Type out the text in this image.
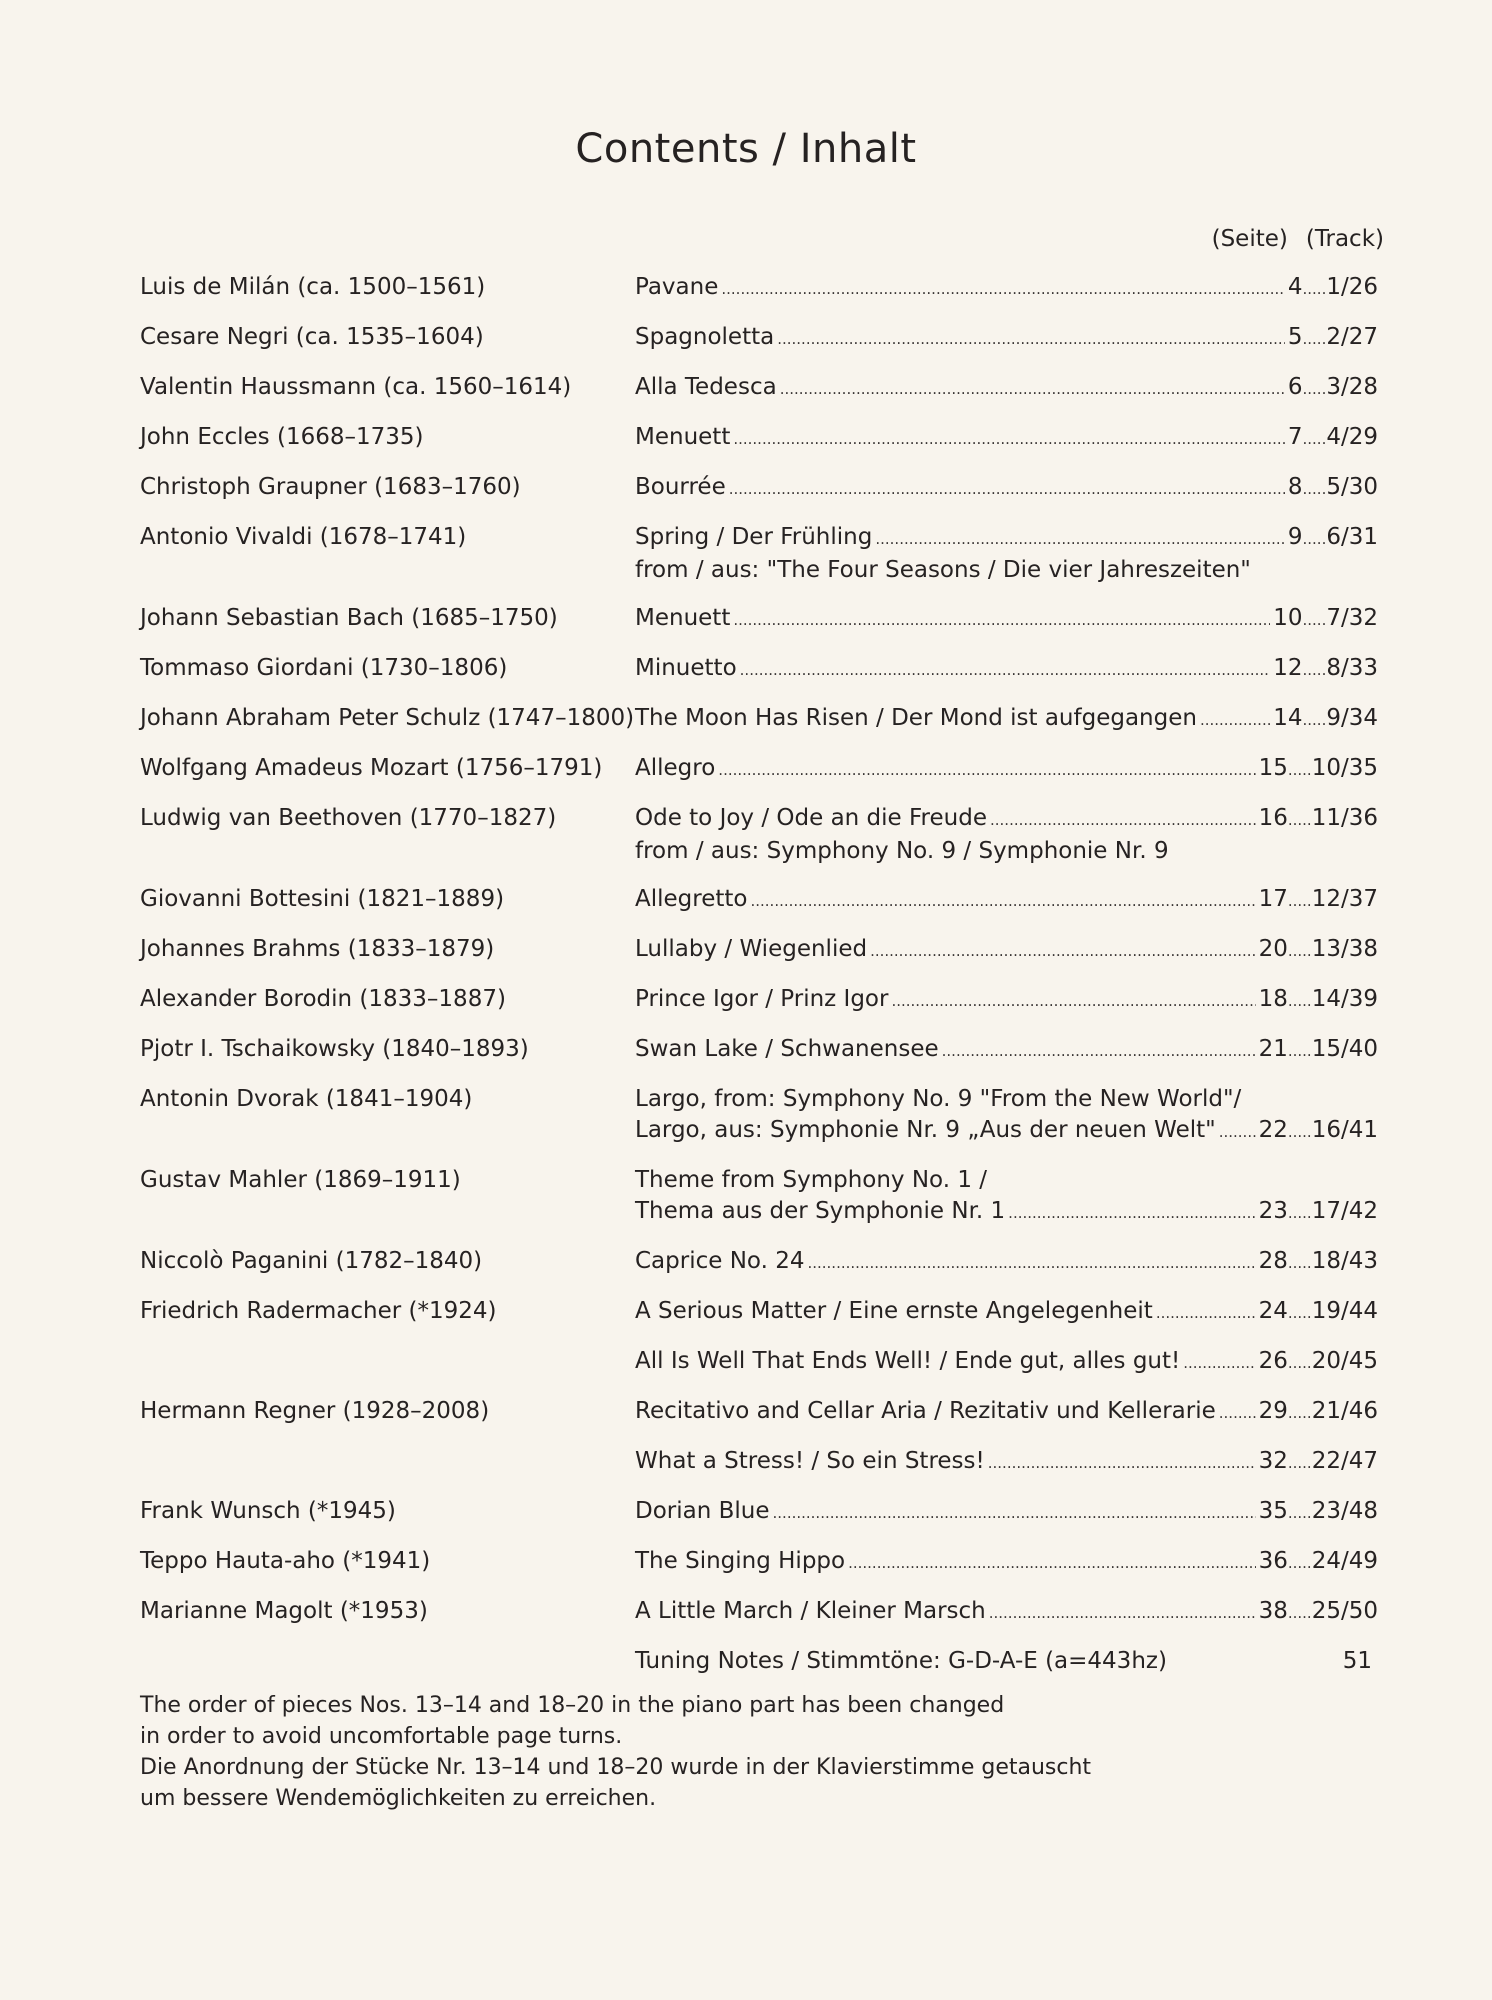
Contents / Inhalt
(Seite) (Track)
Luis de Milán (ca. 1500–1561)	Pavane .....	4	..... 1/26
Cesare Negri (ca. 1535–1604)	Spagnoletta .....	5	..... 2/27
Valentin Haussmann (ca. 1560–1614)	Alla Tedesca .....	6	..... 3/28
John Eccles (1668–1735)	Menuett .....	7	..... 4/29
Christoph Graupner (1683–1760)	Bourrée .....	8	..... 5/30
Antonio Vivaldi (1678–1741)	Spring / Der Frühling .....	9	..... 6/31
from / aus: "The Four Seasons / Die vier Jahreszeiten"
Johann Sebastian Bach (1685–1750)	Menuett .....	10	..... 7/32
Tommaso Giordani (1730–1806)	Minuetto .....	12	..... 8/33
Johann Abraham Peter Schulz (1747–1800) The Moon Has Risen / Der Mond ist aufgegangen .....	14	..... 9/34
Wolfgang Amadeus Mozart (1756–1791)	Allegro .....	15	..... 10/35
Ludwig van Beethoven (1770–1827)	Ode to Joy / Ode an die Freude .....	16	..... 11/36
from / aus: Symphony No. 9 / Symphonie Nr. 9
Giovanni Bottesini (1821–1889)	Allegretto .....	17	..... 12/37
Johannes Brahms (1833–1879)	Lullaby / Wiegenlied .....	20	..... 13/38
Alexander Borodin (1833–1887)	Prince Igor / Prinz Igor .....	18	..... 14/39
Pjotr I. Tschaikowsky (1840–1893)	Swan Lake / Schwanensee .....	21	..... 15/40
Antonin Dvorak (1841–1904)	Largo, from: Symphony No. 9 "From the New World"/
Largo, aus: Symphonie Nr. 9 „Aus der neuen Welt" ..... 22	..... 16/41
Gustav Mahler (1869–1911)	Theme from Symphony No. 1 /
Thema aus der Symphonie Nr. 1 .....	23	..... 17/42
Niccolò Paganini (1782–1840)	Caprice No. 24 .....	28	..... 18/43
Friedrich Radermacher (*1924)	A Serious Matter / Eine ernste Angelegenheit .....	24	..... 19/44
All Is Well That Ends Well! / Ende gut, alles gut! .....	26	..... 20/45
Hermann Regner (1928–2008)	Recitativo and Cellar Aria / Rezitativ und Kellerarie ..... 29	..... 21/46
What a Stress! / So ein Stress! .....	32	..... 22/47
Frank Wunsch (*1945)	Dorian Blue .....	35	..... 23/48
Teppo Hauta-aho (*1941)	The Singing Hippo .....	36	..... 24/49
Marianne Magolt (*1953)	A Little March / Kleiner Marsch .....	38	..... 25/50
Tuning Notes / Stimmtöne: G-D-A-E (a=443hz)	51

The order of pieces Nos. 13–14 and 18–20 in the piano part has been changed

in order to avoid uncomfortable page turns.

Die Anordnung der Stücke Nr. 13–14 und 18–20 wurde in der Klavierstimme getauscht

um bessere Wendemöglichkeiten zu erreichen.
